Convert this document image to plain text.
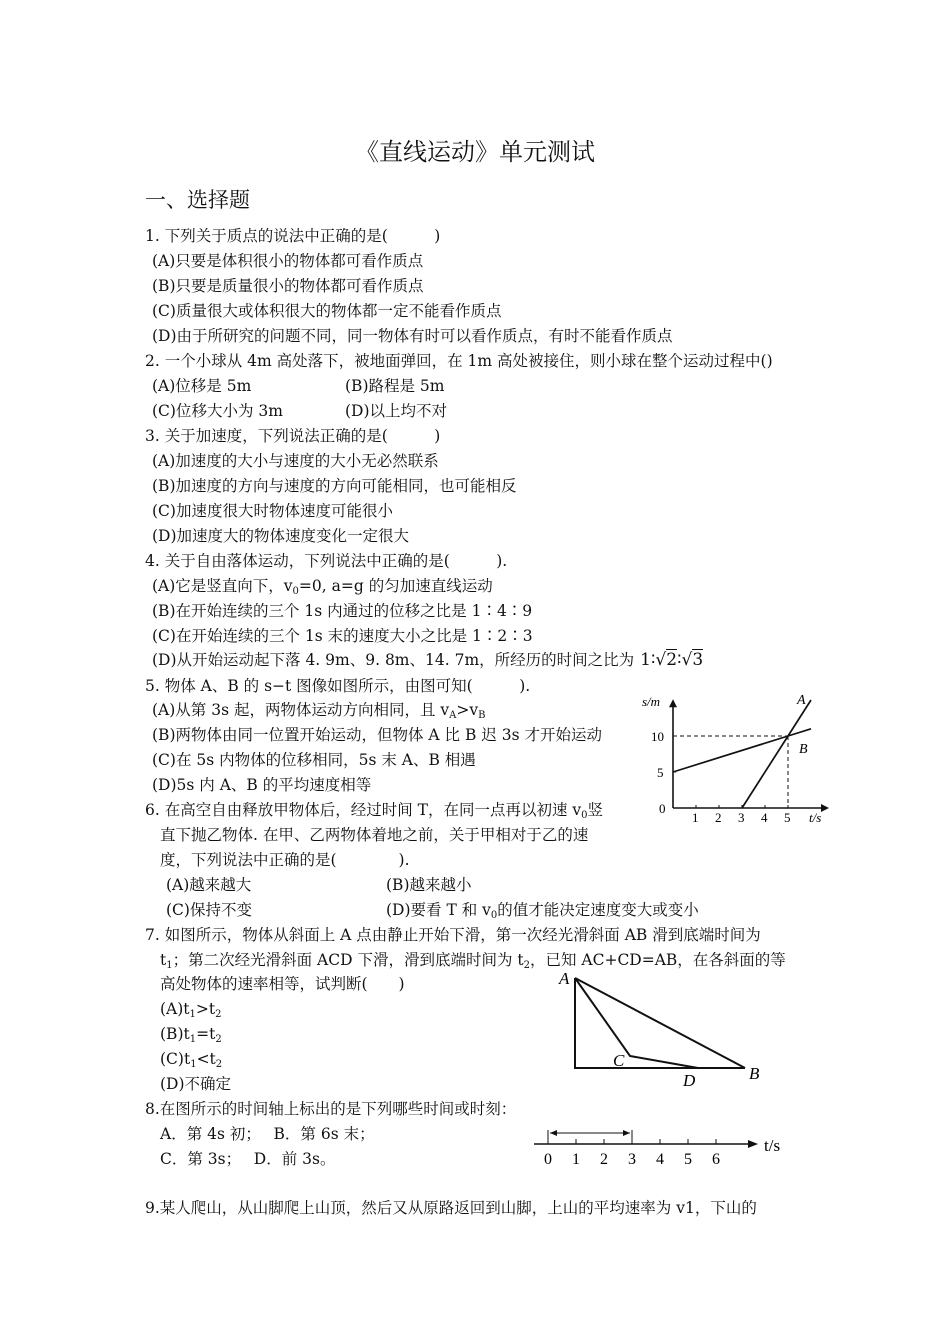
《直线运动》单元测试
一、选择题
1. 下列关于质点的说法中正确的是(　　　)
(A)只要是体积很小的物体都可看作质点
(B)只要是质量很小的物体都可看作质点
(C)质量很大或体积很大的物体都一定不能看作质点
(D)由于所研究的问题不同，同一物体有时可以看作质点，有时不能看作质点
2. 一个小球从 4m 高处落下，被地面弹回，在 1m 高处被接住，则小球在整个运动过程中()
(A)位移是 5m	(B)路程是 5m
(C)位移大小为 3m	(D)以上均不对
3. 关于加速度，下列说法正确的是(　　　)
(A)加速度的大小与速度的大小无必然联系
(B)加速度的方向与速度的方向可能相同，也可能相反
(C)加速度很大时物体速度可能很小
(D)加速度大的物体速度变化一定很大
4. 关于自由落体运动，下列说法中正确的是(　　　).
(A)它是竖直向下，$v_0=0$, a=g 的匀加速直线运动
(B)在开始连续的三个 1s 内通过的位移之比是 1∶4∶9
(C)在开始连续的三个 1s 末的速度大小之比是 1∶2∶3
(D)从开始运动起下落 4. 9m、9. 8m、14. 7m，所经历的时间之比为 1∶√2∶√3
5. 物体 A、B 的 s−t 图像如图所示，由图可知(　　　).
(A)从第 3s 起，两物体运动方向相同，且 $v_A>v_B$
(B)两物体由同一位置开始运动，但物体 A 比 B 迟 3s 才开始运动
(C)在 5s 内物体的位移相同，5s 末 A、B 相遇
(D)5s 内 A、B 的平均速度相等
1 2 3 4 5
5
10
0
s/m
t/s
A
B
6. 在高空自由释放甲物体后，经过时间 T，在同一点再以初速 $v_0$竖
直下抛乙物体. 在甲、乙两物体着地之前，关于甲相对于乙的速
度，下列说法中正确的是(　　　　).
(A)越来越大	(B)越来越小
(C)保持不变	(D)要看 T 和 $v_0$的值才能决定速度变大或变小
7. 如图所示，物体从斜面上 A 点由静止开始下滑，第一次经光滑斜面 AB 滑到底端时间为
$t_1$；第二次经光滑斜面 ACD 下滑，滑到底端时间为 $t_2$，已知 AC+CD=AB，在各斜面的等
高处物体的速率相等，试判断(　　)
$(A)t_1>t_2$
$(B)t_1=t_2$
$(C)t_1<t_2$
(D)不确定
A
B
C
D
8.在图所示的时间轴上标出的是下列哪些时间或时刻：
A．第 4s 初；　 B．第 6s 末；
C．第 3s；　 D．前 3s。	0 1 2 3 4 5 6
t/s
9.某人爬山，从山脚爬上山顶，然后又从原路返回到山脚，上山的平均速率为 v1，下山的
